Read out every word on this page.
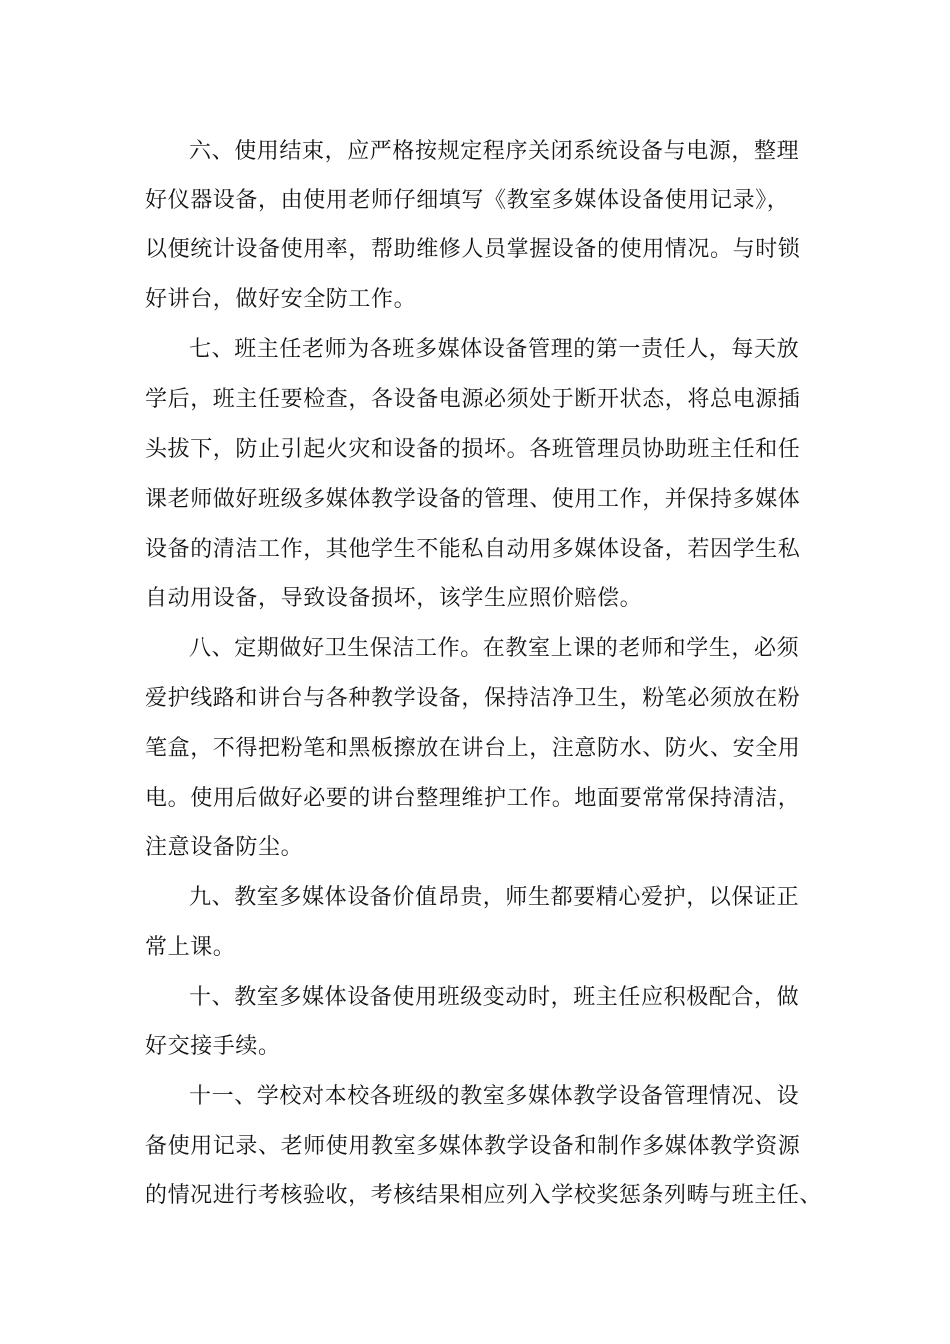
六、使用结束，应严格按规定程序关闭系统设备与电源，整理
好仪器设备，由使用老师仔细填写《教室多媒体设备使用记录》，
以便统计设备使用率，帮助维修人员掌握设备的使用情况。与时锁
好讲台，做好安全防工作。
七、班主任老师为各班多媒体设备管理的第一责任人，每天放
学后，班主任要检查，各设备电源必须处于断开状态，将总电源插
头拔下，防止引起火灾和设备的损坏。各班管理员协助班主任和任
课老师做好班级多媒体教学设备的管理、使用工作，并保持多媒体
设备的清洁工作，其他学生不能私自动用多媒体设备，若因学生私
自动用设备，导致设备损坏，该学生应照价赔偿。
八、定期做好卫生保洁工作。在教室上课的老师和学生，必须
爱护线路和讲台与各种教学设备，保持洁净卫生，粉笔必须放在粉
笔盒，不得把粉笔和黑板擦放在讲台上，注意防水、防火、安全用
电。使用后做好必要的讲台整理维护工作。地面要常常保持清洁，
注意设备防尘。
九、教室多媒体设备价值昂贵，师生都要精心爱护，以保证正
常上课。
十、教室多媒体设备使用班级变动时，班主任应积极配合，做
好交接手续。
十一、学校对本校各班级的教室多媒体教学设备管理情况、设
备使用记录、老师使用教室多媒体教学设备和制作多媒体教学资源
的情况进行考核验收，考核结果相应列入学校奖惩条列畴与班主任、
